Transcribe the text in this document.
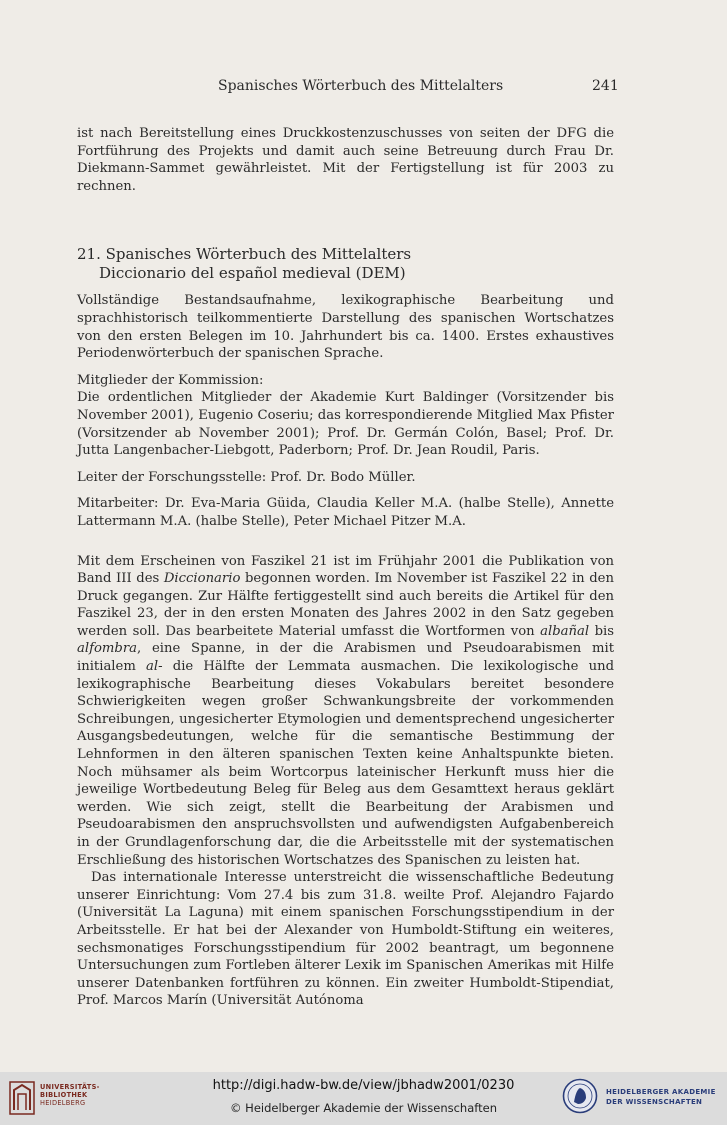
Spanisches Wörterbuch des Mittelalters	241

ist nach Bereitstellung eines Druckkostenzuschusses von seiten der DFG die Fortführung des Projekts und damit auch seine Betreuung durch Frau Dr. Diekmann-Sammet gewährleistet. Mit der Fertigstellung ist für 2003 zu rechnen.

21. Spanisches Wörterbuch des Mittelalters
Diccionario del español medieval (DEM)

Vollständige Bestandsaufnahme, lexikographische Bearbeitung und sprachhistorisch teilkommentierte Darstellung des spanischen Wortschatzes von den ersten Belegen im 10. Jahrhundert bis ca. 1400. Erstes exhaustives Periodenwörterbuch der spanischen Sprache.

Mitglieder der Kommission:

Die ordentlichen Mitglieder der Akademie Kurt Baldinger (Vorsitzender bis November 2001), Eugenio Coseriu; das korrespondierende Mitglied Max Pfister (Vorsitzender ab November 2001); Prof. Dr. Germán Colón, Basel; Prof. Dr. Jutta Langenbacher-Liebgott, Paderborn; Prof. Dr. Jean Roudil, Paris.

Leiter der Forschungsstelle: Prof. Dr. Bodo Müller.

Mitarbeiter: Dr. Eva-Maria Güida, Claudia Keller M.A. (halbe Stelle), Annette Lattermann M.A. (halbe Stelle), Peter Michael Pitzer M.A.

Mit dem Erscheinen von Faszikel 21 ist im Frühjahr 2001 die Publikation von Band III des Diccionario begonnen worden. Im November ist Faszikel 22 in den Druck gegangen. Zur Hälfte fertiggestellt sind auch bereits die Artikel für den Faszikel 23, der in den ersten Monaten des Jahres 2002 in den Satz gegeben werden soll. Das bearbeitete Material umfasst die Wortformen von albañal bis alfombra, eine Spanne, in der die Arabismen und Pseudoarabismen mit initialem al- die Hälfte der Lemmata ausmachen. Die lexikologische und lexikographische Bearbeitung dieses Vokabulars bereitet besondere Schwierigkeiten wegen großer Schwankungsbreite der vorkommenden Schreibungen, ungesicherter Etymologien und dementsprechend ungesicherter Ausgangsbedeutungen, welche für die semantische Bestimmung der Lehnformen in den älteren spanischen Texten keine Anhaltspunkte bieten. Noch mühsamer als beim Wortcorpus lateinischer Herkunft muss hier die jeweilige Wortbedeutung Beleg für Beleg aus dem Gesamttext heraus geklärt werden. Wie sich zeigt, stellt die Bearbeitung der Arabismen und Pseudoarabismen den anspruchsvollsten und aufwendigsten Aufgabenbereich in der Grundlagenforschung dar, die die Arbeitsstelle mit der systematischen Erschließung des historischen Wortschatzes des Spanischen zu leisten hat.

Das internationale Interesse unterstreicht die wissenschaftliche Bedeutung unserer Einrichtung: Vom 27.4 bis zum 31.8. weilte Prof. Alejandro Fajardo (Universität La Laguna) mit einem spanischen Forschungsstipendium in der Arbeitsstelle. Er hat bei der Alexander von Humboldt-Stiftung ein weiteres, sechsmonatiges Forschungsstipendium für 2002 beantragt, um begonnene Untersuchungen zum Fortleben älterer Lexik im Spanischen Amerikas mit Hilfe unserer Datenbanken fortführen zu können. Ein zweiter Humboldt-Stipendiat, Prof. Marcos Marín (Universität Autónoma

UNIVERSITÄTS-
BIBLIOTHEK
HEIDELBERG
http://digi.hadw-bw.de/view/jbhadw2001/0230
© Heidelberger Akademie der Wissenschaften
HEIDELBERGER AKADEMIE
DER WISSENSCHAFTEN
